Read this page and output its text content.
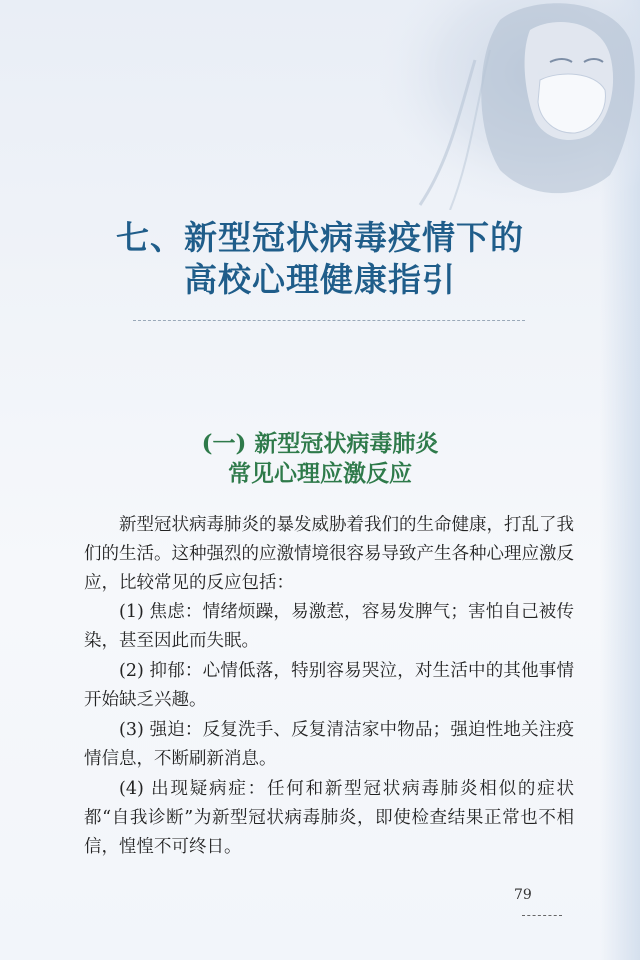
七、新型冠状病毒疫情下的
高校心理健康指引
(一) 新型冠状病毒肺炎
常见心理应激反应

新型冠状病毒肺炎的暴发威胁着我们的生命健康，打乱了我们的生活。这种强烈的应激情境很容易导致产生各种心理应激反应，比较常见的反应包括：

(1) 焦虑：情绪烦躁，易激惹，容易发脾气；害怕自己被传染，甚至因此而失眠。

(2) 抑郁：心情低落，特别容易哭泣，对生活中的其他事情开始缺乏兴趣。

(3) 强迫：反复洗手、反复清洁家中物品；强迫性地关注疫情信息，不断刷新消息。

(4) 出现疑病症：任何和新型冠状病毒肺炎相似的症状都“自我诊断”为新型冠状病毒肺炎，即使检查结果正常也不相信，惶惶不可终日。

79
